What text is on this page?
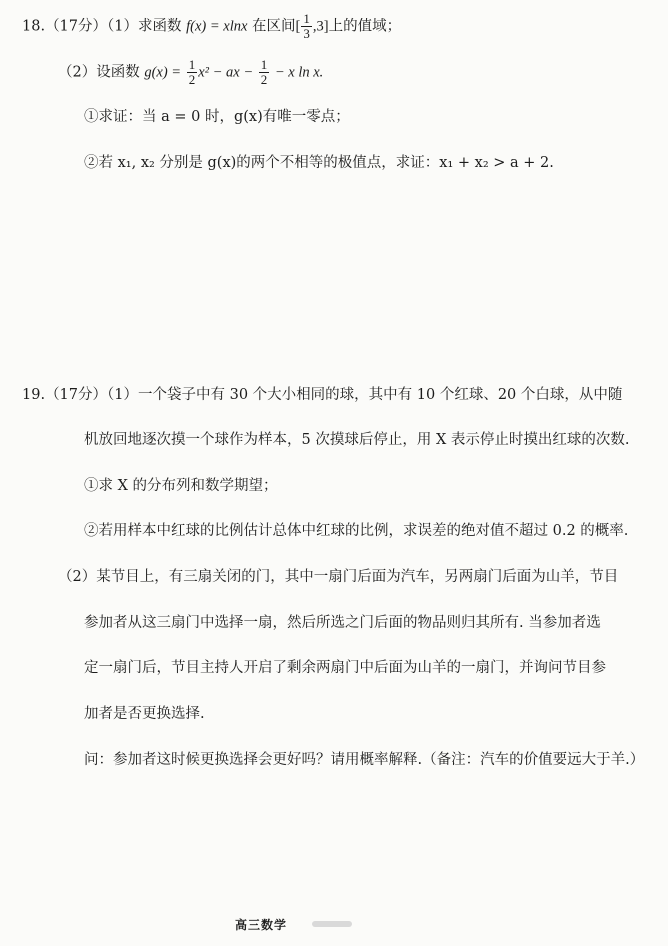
18.（17分）（1）求函数 f(x) = xlnx 在区间[ $\frac{1}{3} ,3$]上的值域；
（2）设函数 $g(x) = \frac{1}{2} x^2$ − ax − $\frac{1}{2} - x$ ln x.
①求证：当 a = 0 时，g(x)有唯一零点；
②若 x₁, x₂ 分别是 g(x)的两个不相等的极值点，求证：x₁ + x₂ > a + 2.
19.（17分）（1）一个袋子中有 30 个大小相同的球，其中有 10 个红球、20 个白球，从中随
机放回地逐次摸一个球作为样本，5 次摸球后停止，用 X 表示停止时摸出红球的次数.
①求 X 的分布列和数学期望；
②若用样本中红球的比例估计总体中红球的比例，求误差的绝对值不超过 0.2 的概率.
（2）某节目上，有三扇关闭的门，其中一扇门后面为汽车，另两扇门后面为山羊，节目
参加者从这三扇门中选择一扇，然后所选之门后面的物品则归其所有. 当参加者选
定一扇门后，节目主持人开启了剩余两扇门中后面为山羊的一扇门，并询问节目参
加者是否更换选择.
问：参加者这时候更换选择会更好吗？请用概率解释.（备注：汽车的价值要远大于羊.）
高三数学
